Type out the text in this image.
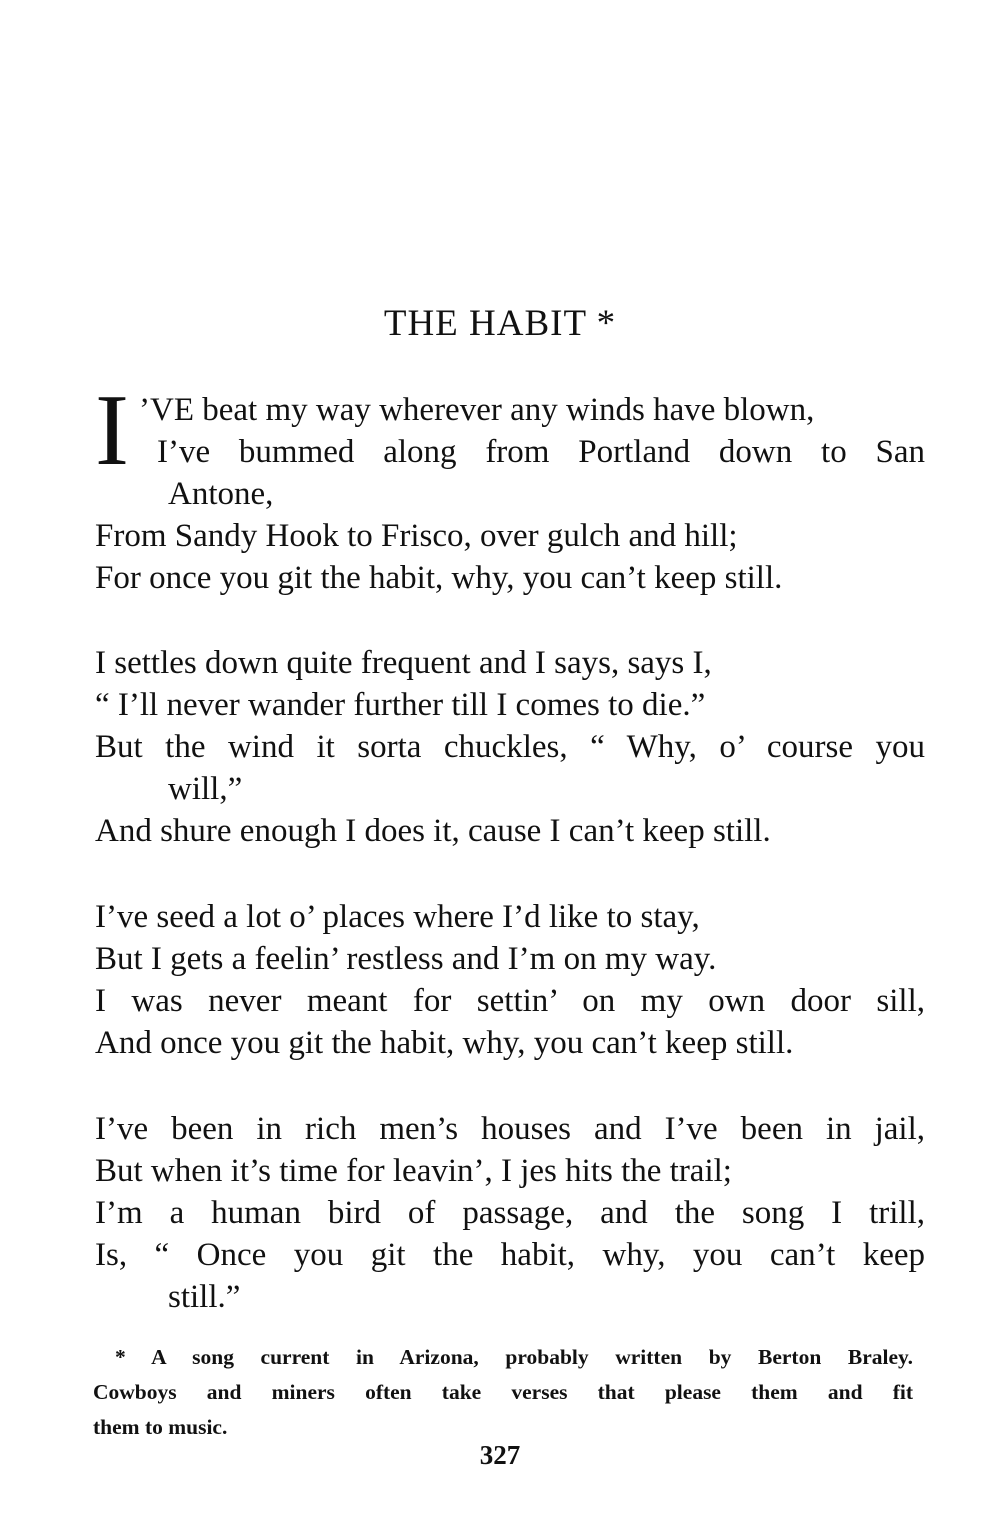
THE HABIT *
I ’VE beat my way wherever any winds have blown,
I’ve bummed along from Portland down to San
Antone,
From Sandy Hook to Frisco, over gulch and hill;
For once you git the habit, why, you can’t keep still.
I settles down quite frequent and I says, says I,
“ I’ll never wander further till I comes to die.”
But the wind it sorta chuckles, “ Why, o’ course you
will,”
And shure enough I does it, cause I can’t keep still.
I’ve seed a lot o’ places where I’d like to stay,
But I gets a feelin’ restless and I’m on my way.
I was never meant for settin’ on my own door sill,
And once you git the habit, why, you can’t keep still.
I’ve been in rich men’s houses and I’ve been in jail,
But when it’s time for leavin’, I jes hits the trail;
I’m a human bird of passage, and the song I trill,
Is, “ Once you git the habit, why, you can’t keep
still.”
* A song current in Arizona, probably written by Berton Braley.
Cowboys and miners often take verses that please them and fit
them to music.
327
